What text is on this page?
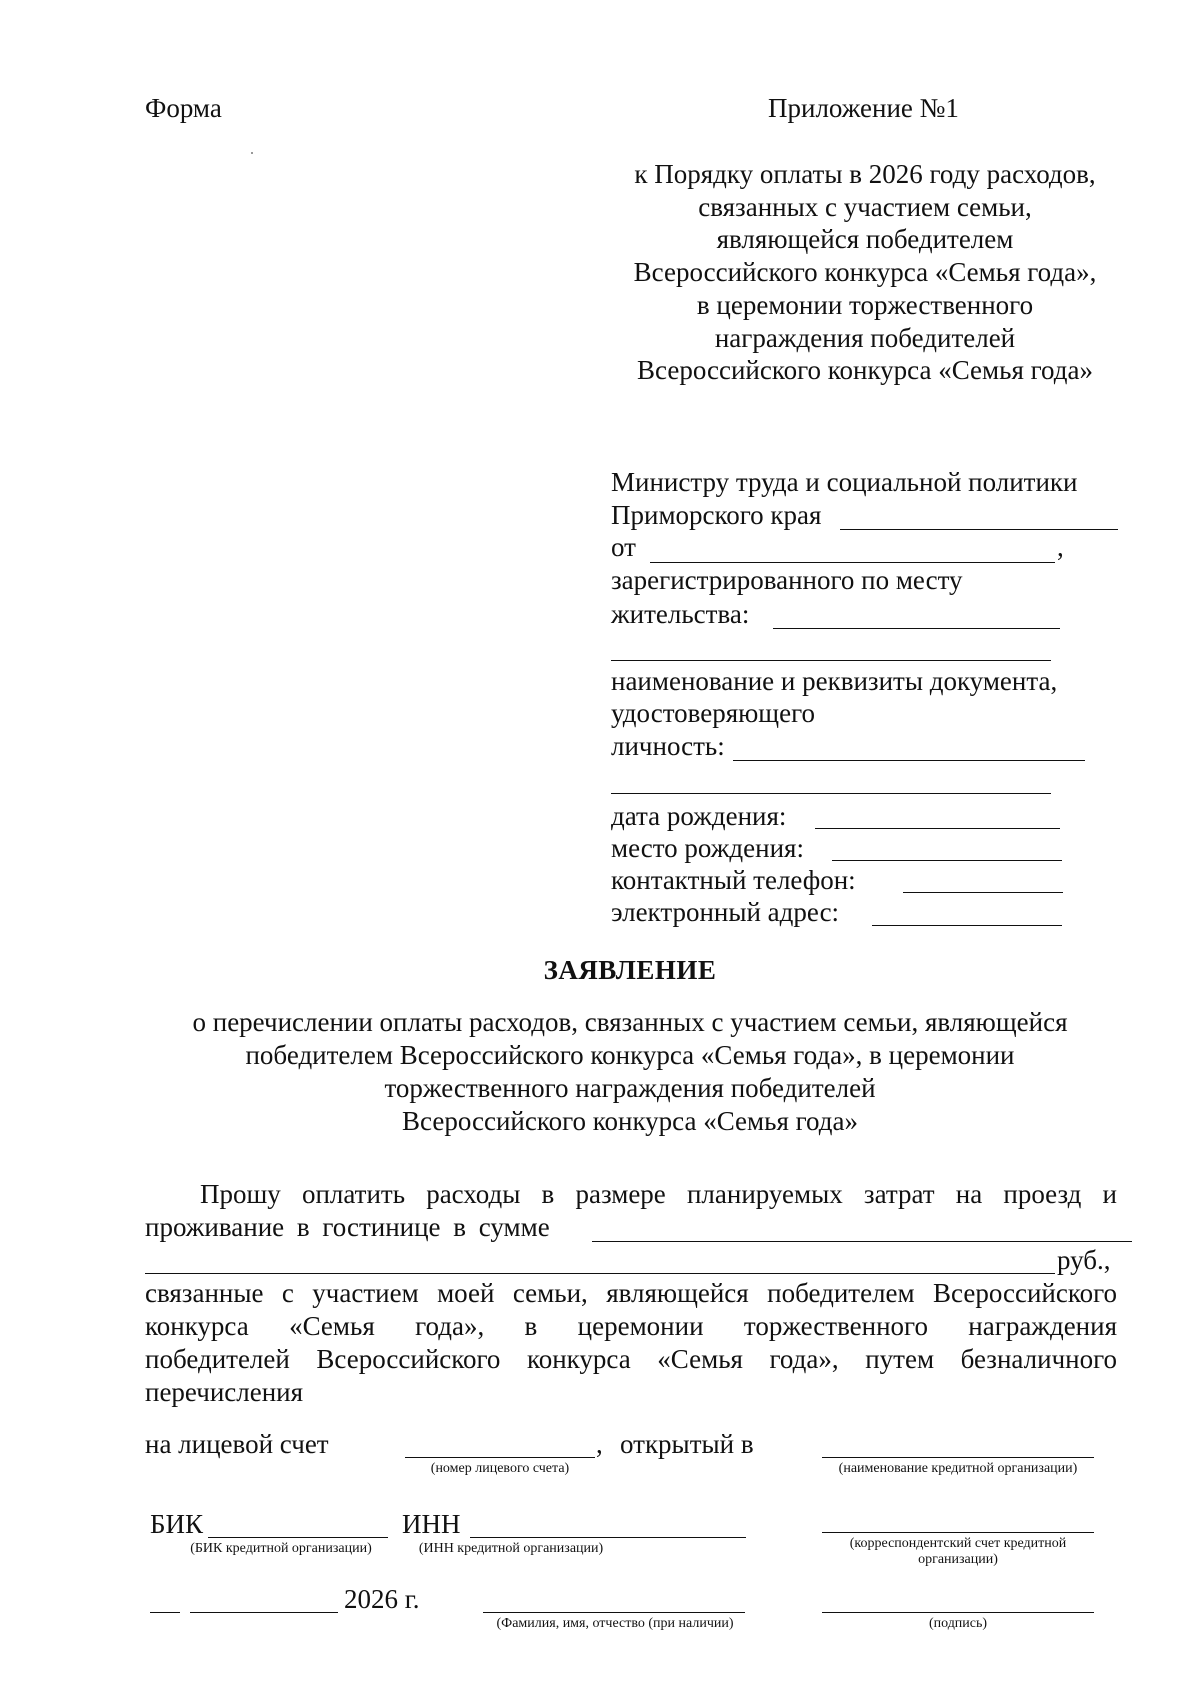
Форма	Приложение №1
к Порядку оплаты в 2026 году расходов,
связанных с участием семьи,
являющейся победителем
Всероссийского конкурса «Семья года»,
в церемонии торжественного
награждения победителей
Всероссийского конкурса «Семья года»
Министру труда и социальной политики
Приморского края
от	,
зарегистрированного по месту
жительства:
наименование и реквизиты документа,
удостоверяющего
личность:
дата рождения:
место рождения:
контактный телефон:
электронный адрес:
ЗАЯВЛЕНИЕ
о перечислении оплаты расходов, связанных с участием семьи, являющейся
победителем Всероссийского конкурса «Семья года», в церемонии
торжественного награждения победителей
Всероссийского конкурса «Семья года»
Прошу оплатить расходы в размере планируемых затрат на проезд и
проживание в гостинице в сумме
руб.,
связанные с участием моей семьи, являющейся победителем Всероссийского
конкурса «Семья года», в церемонии торжественного награждения
победителей Всероссийского конкурса «Семья года», путем безналичного
перечисления
на лицевой счет	, открытый в
(номер лицевого счета)	(наименование кредитной организации)
БИК	ИНН
(БИК кредитной организации)	(ИНН кредитной организации)	(корреспондентский счет кредитной
организации)
2026 г.
(Фамилия, имя, отчество (при наличии)	(подпись)
